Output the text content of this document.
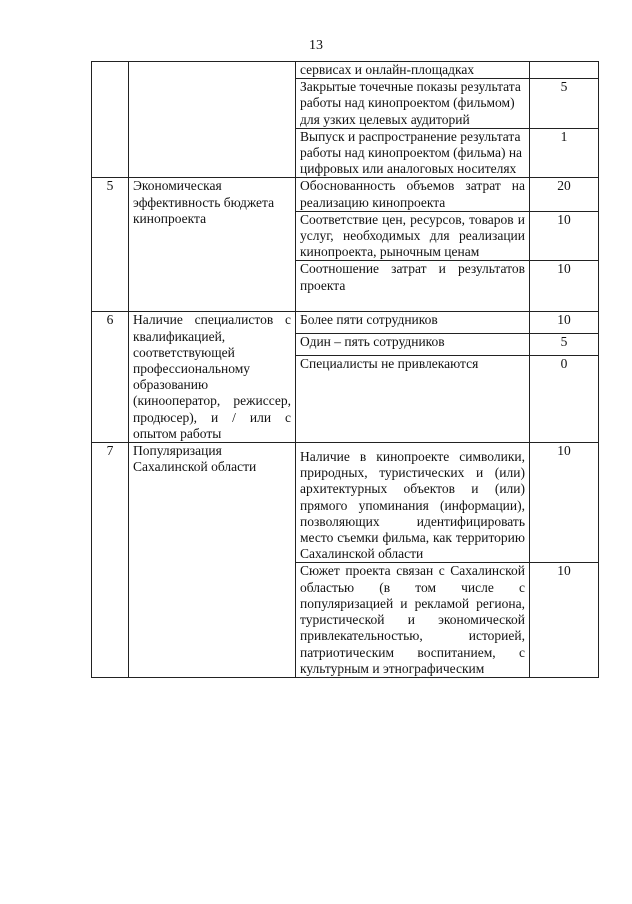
13
		сервисах и онлайн-площадках	
		Закрытые точечные показы результата работы над кинопроектом (фильмом) для узких целевых аудиторий	5
		Выпуск и распространение результата работы над кинопроектом (фильма) на цифровых или аналоговых носителях	1
5	Экономическая эффективность бюджета кинопроекта	Обоснованность объемов затрат на реализацию кинопроекта	20
		Соответствие цен, ресурсов, товаров и услуг, необходимых для реализации кинопроекта, рыночным ценам	10
		Соотношение затрат и результатов проекта	10
6	Наличие специалистов с квалификацией, соответствующей профессиональному образованию (кинооператор, режиссер, продюсер), и / или с опытом работы	Более пяти сотрудников	10
		Один – пять сотрудников	5
		Специалисты не привлекаются	0
7	Популяризация Сахалинской области	Наличие в кинопроекте символики, природных, туристических и (или) архитектурных объектов и (или) прямого упоминания (информации), позволяющих идентифицировать место съемки фильма, как территорию Сахалинской области	10
		Сюжет проекта связан с Сахалинской областью (в том числе с популяризацией и рекламой региона, туристической и экономической привлекательностью, историей, патриотическим воспитанием, с культурным и этнографическим	10
